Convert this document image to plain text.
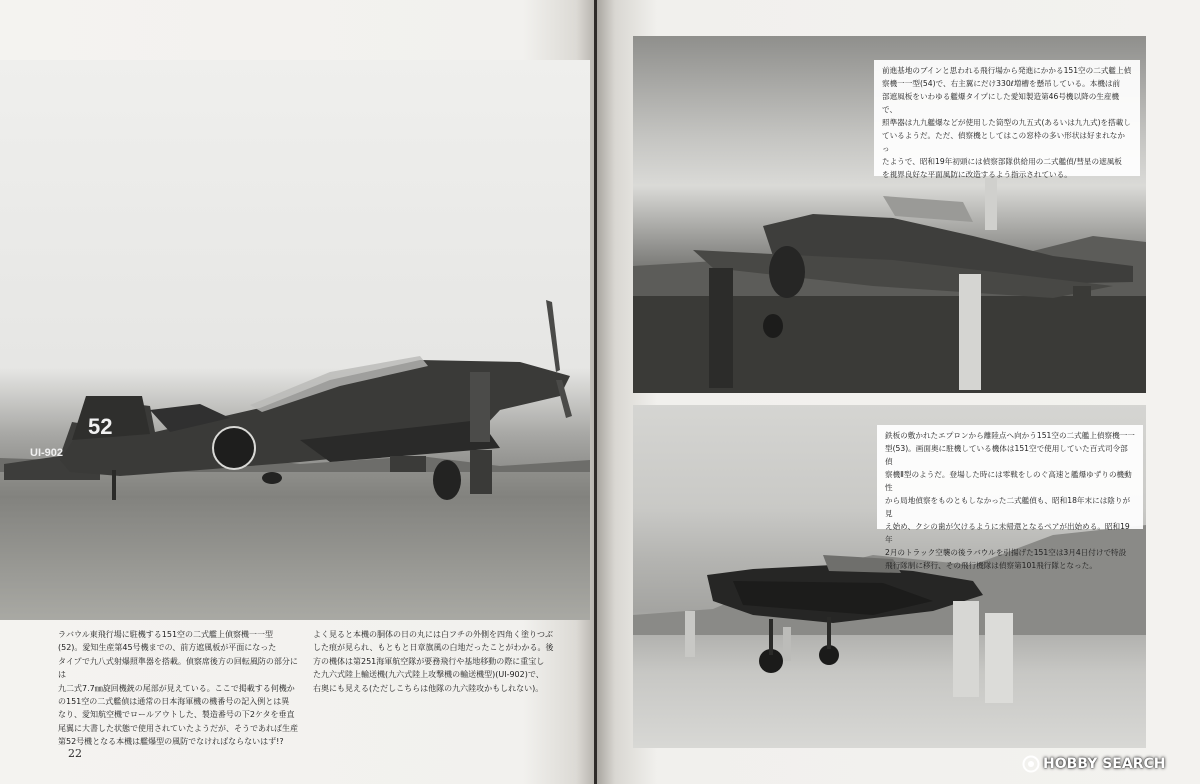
UI-902
52
前進基地のブインと思われる飛行場から発進にかかる151空の二式艦上偵
察機一一型(54)で、右主翼にだけ330ℓ増槽を懸吊している。本機は前
部遮風板をいわゆる艦爆タイプにした愛知製造第46号機以降の生産機で、
照準器は九九艦爆などが使用した筒型の九五式(あるいは九九式)を搭載し
ているようだ。ただ、偵察機としてはこの窓枠の多い形状は好まれなかっ
たようで、昭和19年初頭には偵察部隊供給用の二式艦偵/彗星の遮風板
を視界良好な平面風防に改造するよう指示されている。
鉄板の敷かれたエプロンから離陸点へ向かう151空の二式艦上偵察機一一
型(53)。画面奥に駐機している機体は151空で使用していた百式司令部偵
察機Ⅱ型のようだ。登場した時には零戦をしのぐ高速と艦爆ゆずりの機動性
から局地偵察をものともしなかった二式艦偵も、昭和18年末には陰りが見
え始め、クシの歯が欠けるように未帰還となるペアが出始める。昭和19年
2月のトラック空襲の後ラバウルを引揚げた151空は3月4日付けで特設
飛行隊制に移行、その飛行機隊は偵察第101飛行隊となった。
ラバウル東飛行場に駐機する151空の二式艦上偵察機一一型
(52)。愛知生産第45号機までの、前方遮風板が平面になった
タイプで九八式射爆照準器を搭載。偵察席後方の回転風防の部分には
九二式7.7㎜旋回機銃の尾部が見えている。ここで掲載する何機か
の151空の二式艦偵は通常の日本海軍機の機番号の記入例とは異
なり、愛知航空機でロールアウトした、製造番号の下2ケタを垂直
尾翼に大書した状態で使用されていたようだが、そうであれば生産
第52号機となる本機は艦爆型の風防でなければならないはず!?
よく見ると本機の胴体の日の丸には白フチの外側を四角く塗りつぶ
した痕が見られ、もともと日章旗風の白地だったことがわかる。後
方の機体は第251海軍航空隊が要務飛行や基地移動の際に重宝し
た九六式陸上輸送機(九六式陸上攻撃機の輸送機型)(UI-902)で、
右奥にも見える(ただしこちらは他隊の九六陸攻かもしれない)。
22
HOBBY SEARCH
